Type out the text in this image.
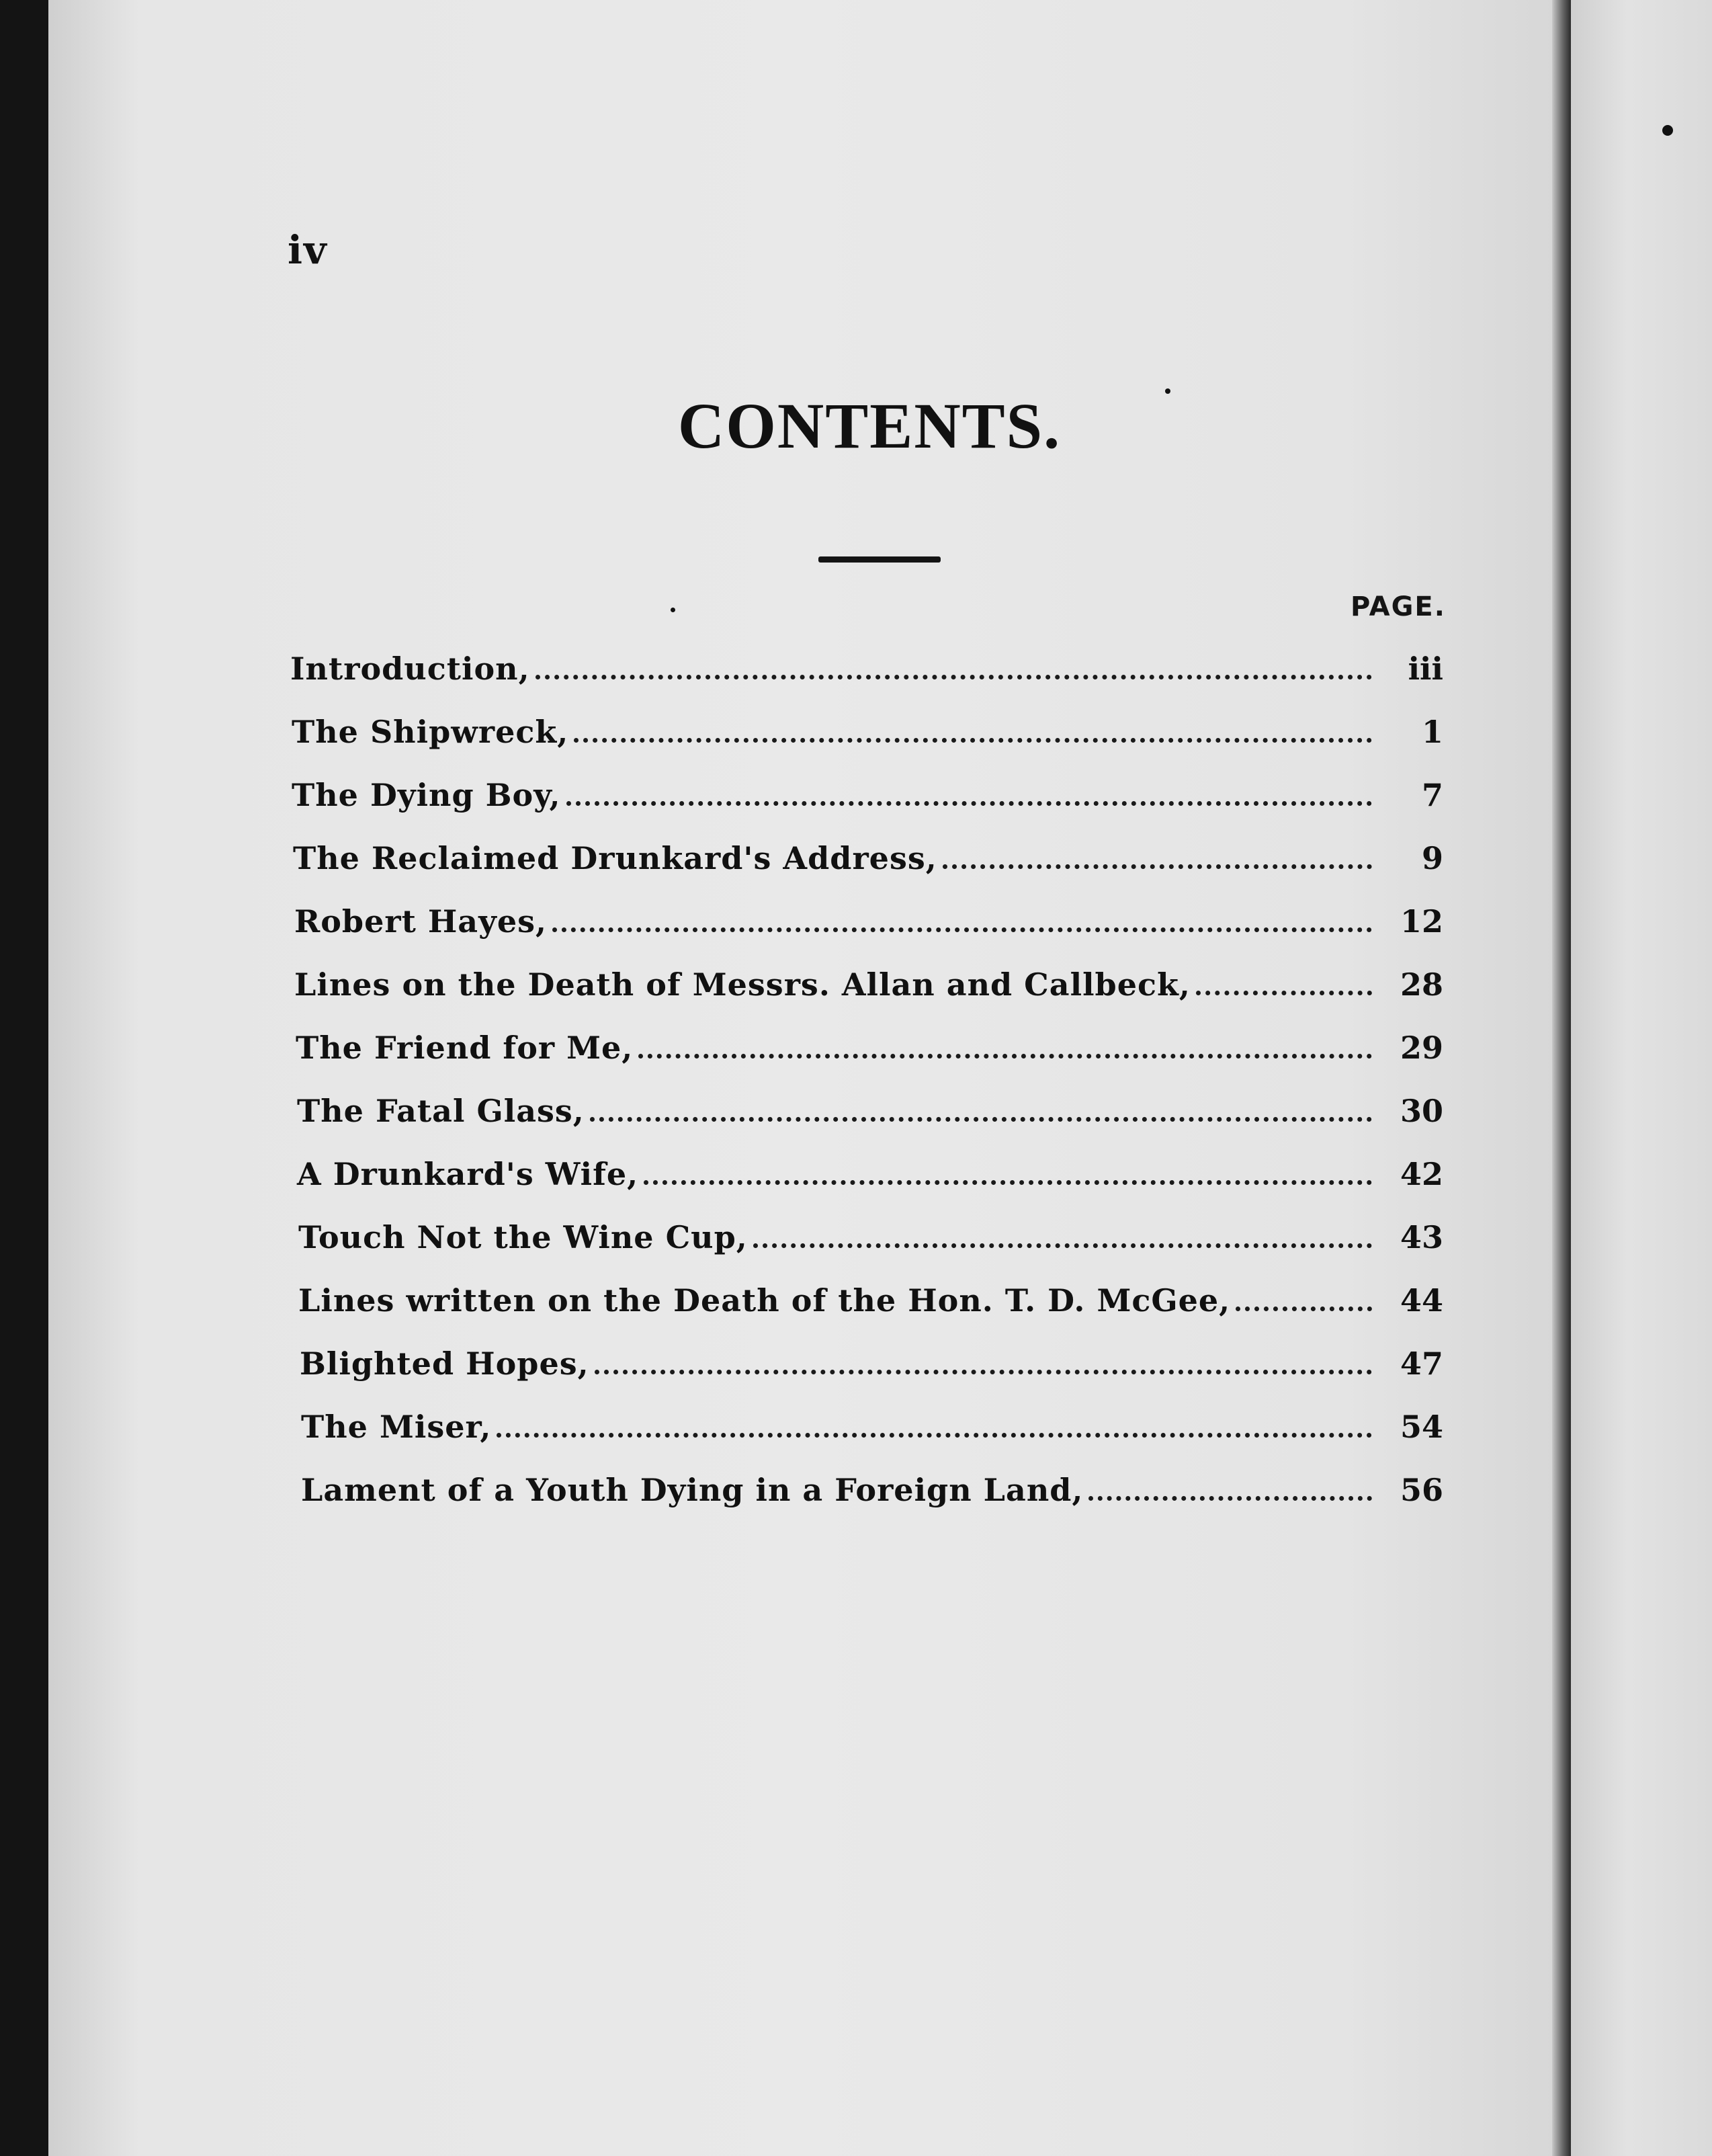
iv
CONTENTS.
PAGE.
Introduction,	iii
The Shipwreck,	1
The Dying Boy,	7
The Reclaimed Drunkard's Address,	9
Robert Hayes,	12
Lines on the Death of Messrs. Allan and Callbeck,	28
The Friend for Me,	29
The Fatal Glass,	30
A Drunkard's Wife,	42
Touch Not the Wine Cup,	43
Lines written on the Death of the Hon. T. D. McGee,	44
Blighted Hopes,	47
The Miser,	54
Lament of a Youth Dying in a Foreign Land,	56
